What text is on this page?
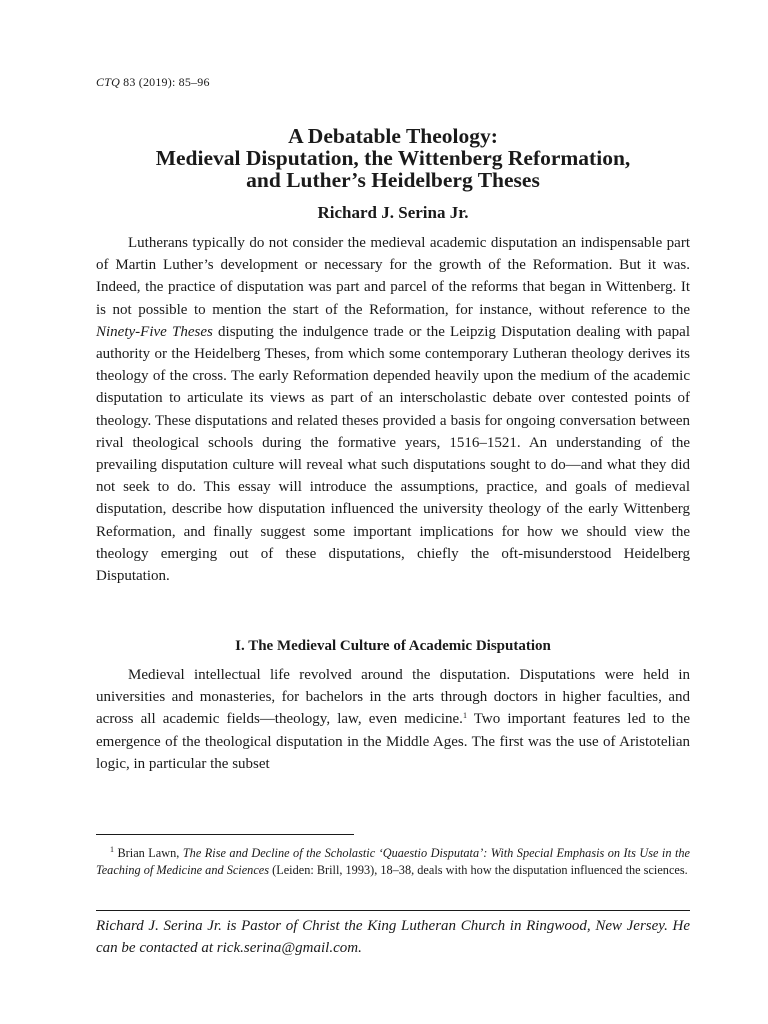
CTQ 83 (2019): 85–96
A Debatable Theology:
Medieval Disputation, the Wittenberg Reformation,
and Luther’s Heidelberg Theses
Richard J. Serina Jr.

Lutherans typically do not consider the medieval academic disputation an indispensable part of Martin Luther’s development or necessary for the growth of the Reformation. But it was. Indeed, the practice of disputation was part and parcel of the reforms that began in Wittenberg. It is not possible to mention the start of the Reformation, for instance, without reference to the Ninety-Five Theses disputing the indulgence trade or the Leipzig Disputation dealing with papal authority or the Heidelberg Theses, from which some contemporary Lutheran theology derives its theology of the cross. The early Reformation depended heavily upon the medium of the academic disputation to articulate its views as part of an interscholastic debate over contested points of theology. These disputations and related theses provided a basis for ongoing conversation between rival theological schools during the formative years, 1516–1521. An understanding of the prevailing disputation culture will reveal what such disputations sought to do—and what they did not seek to do. This essay will introduce the assumptions, practice, and goals of medieval disputation, describe how disputation influenced the university theology of the early Wittenberg Reformation, and finally suggest some important implications for how we should view the theology emerging out of these disputations, chiefly the oft-misunderstood Heidelberg Disputation.

I. The Medieval Culture of Academic Disputation

Medieval intellectual life revolved around the disputation. Disputations were held in universities and monasteries, for bachelors in the arts through doctors in higher faculties, and across all academic fields—theology, law, even medicine.$^1$ Two important features led to the emergence of the theological disputation in the Middle Ages. The first was the use of Aristotelian logic, in particular the subset

$^1$ Brian Lawn, The Rise and Decline of the Scholastic ‘Quaestio Disputata’: With Special Emphasis on Its Use in the Teaching of Medicine and Sciences (Leiden: Brill, 1993), 18–38, deals with how the disputation influenced the sciences.

Richard J. Serina Jr. is Pastor of Christ the King Lutheran Church in Ringwood, New Jersey. He can be contacted at rick.serina@gmail.com.
